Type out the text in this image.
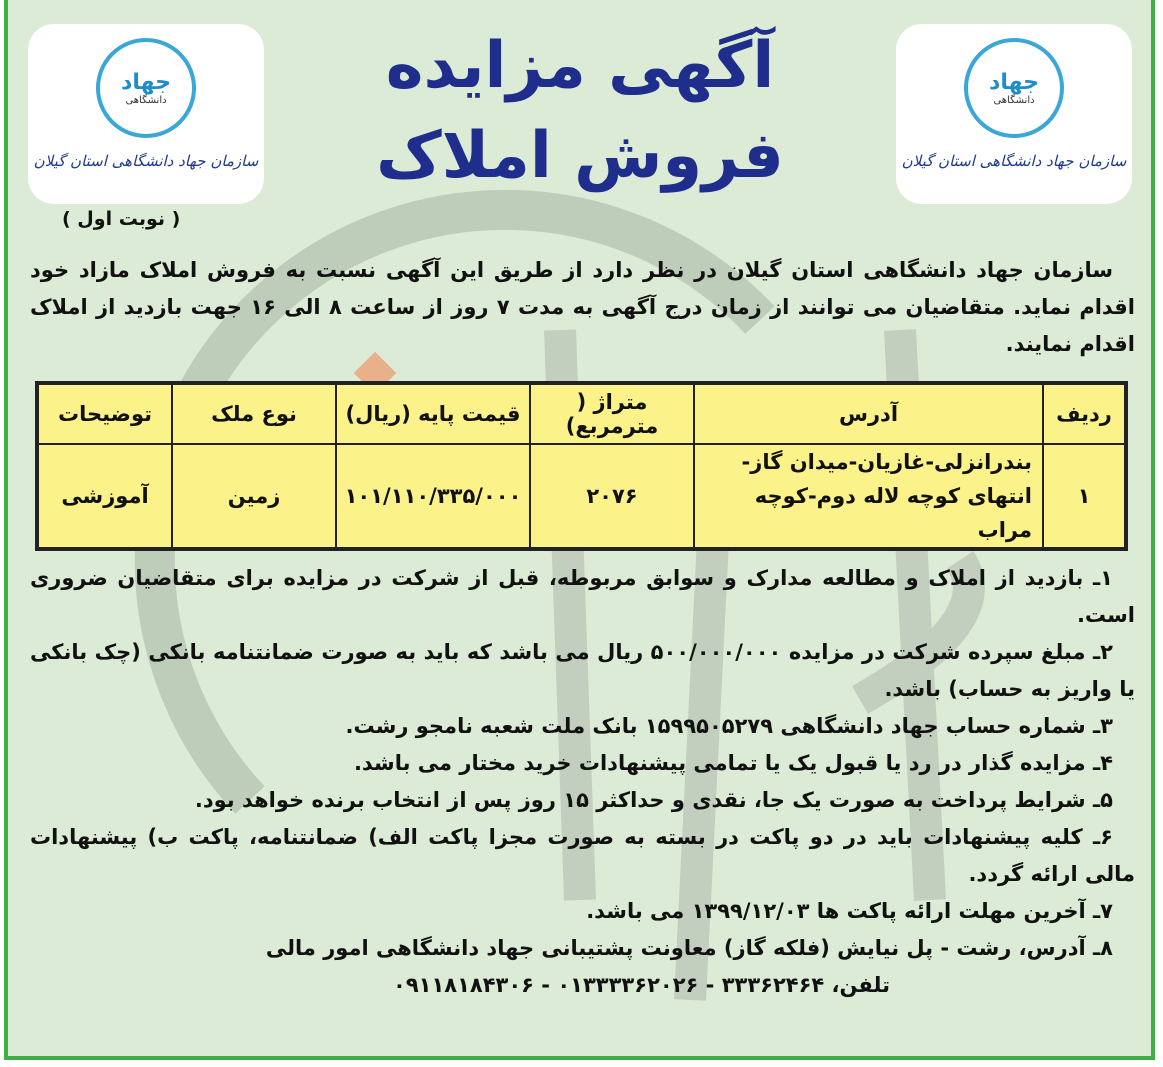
جهاد
دانشگاهی
سازمان جهاد دانشگاهی استان گیلان
جهاد
دانشگاهی
سازمان جهاد دانشگاهی استان گیلان
آگهی مزایده
فروش املاک
( نوبت اول )
سازمان جهاد دانشگاهی استان گیلان در نظر دارد از طریق این آگهی نسبت به فروش املاک مازاد خود اقدام نماید. متقاضیان می توانند از زمان درج آگهی به مدت ۷ روز از ساعت ۸ الی ۱۶ جهت بازدید از املاک اقدام نمایند.
ردیف	آدرس	متراژ ( مترمربع)	قیمت پایه (ریال)	نوع ملک	توضیحات
۱	بندرانزلی-غازیان-میدان گاز- انتهای کوچه لاله دوم-کوچه مراب	۲۰۷۶	۱۰۱/۱۱۰/۳۳۵/۰۰۰	زمین	آموزشی
۱ـ بازدید از املاک و مطالعه مدارک و سوابق مربوطه، قبل از شرکت در مزایده برای متقاضیان ضروری است.
۲ـ مبلغ سپرده شرکت در مزایده ۵۰۰/۰۰۰/۰۰۰ ریال می باشد که باید به صورت ضمانتنامه بانکی (چک بانکی یا واریز به حساب) باشد.
۳ـ شماره حساب جهاد دانشگاهی ۱۵۹۹۵۰۵۲۷۹ بانک ملت شعبه نامجو رشت.
۴ـ مزایده گذار در رد یا قبول یک یا تمامی پیشنهادات خرید مختار می باشد.
۵ـ شرایط پرداخت به صورت یک جا، نقدی و حداکثر ۱۵ روز پس از انتخاب برنده خواهد بود.
۶ـ کلیه پیشنهادات باید در دو پاکت در بسته به صورت مجزا پاکت الف) ضمانتنامه، پاکت ب) پیشنهادات مالی ارائه گردد.
۷ـ آخرین مهلت ارائه پاکت ها ۱۳۹۹/۱۲/۰۳ می باشد.
۸ـ آدرس، رشت - پل نیایش (فلکه گاز) معاونت پشتیبانی جهاد دانشگاهی امور مالی
تلفن، ۳۳۳۶۲۴۶۴ - ۰۱۳۳۳۳۶۲۰۲۶ - ۰۹۱۱۸۱۸۴۳۰۶
